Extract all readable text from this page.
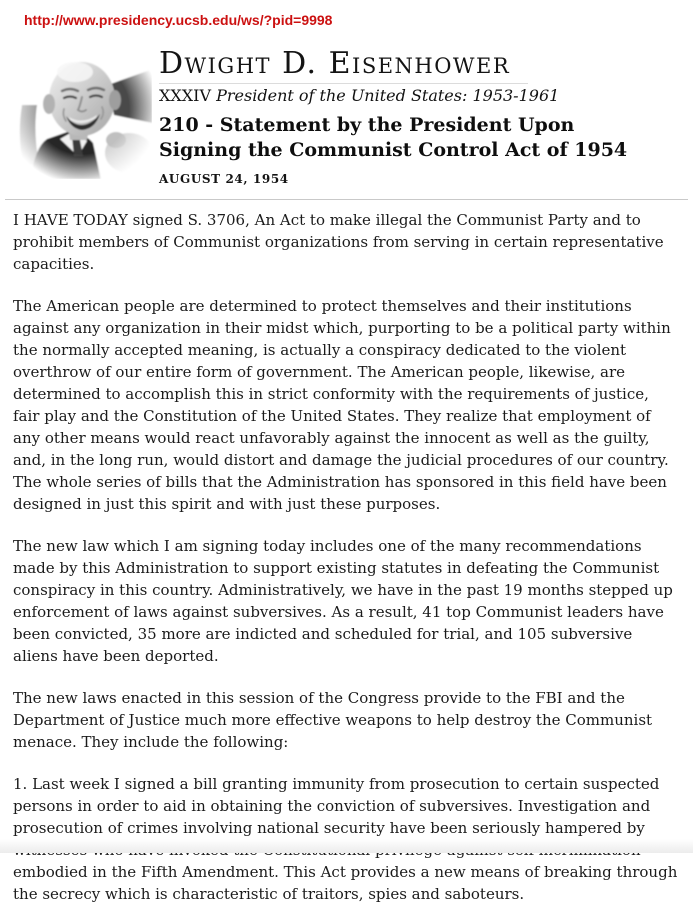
http://www.presidency.ucsb.edu/ws/?pid=9998
Dwight D. Eisenhower
XXXIV President of the United States: 1953-1961
210 - Statement by the President Upon Signing the Communist Control Act of 1954
AUGUST 24, 1954

I HAVE TODAY signed S. 3706, An Act to make illegal the Communist Party and to prohibit members of Communist organizations from serving in certain representative capacities.

The American people are determined to protect themselves and their institutions against any organization in their midst which, purporting to be a political party within the normally accepted meaning, is actually a conspiracy dedicated to the violent overthrow of our entire form of government. The American people, likewise, are determined to accomplish this in strict conformity with the requirements of justice, fair play and the Constitution of the United States. They realize that employment of any other means would react unfavorably against the innocent as well as the guilty, and, in the long run, would distort and damage the judicial procedures of our country. The whole series of bills that the Administration has sponsored in this field have been designed in just this spirit and with just these purposes.

The new law which I am signing today includes one of the many recommendations made by this Administration to support existing statutes in defeating the Communist conspiracy in this country. Administratively, we have in the past 19 months stepped up enforcement of laws against subversives. As a result, 41 top Communist leaders have been convicted, 35 more are indicted and scheduled for trial, and 105 subversive aliens have been deported.

The new laws enacted in this session of the Congress provide to the FBI and the Department of Justice much more effective weapons to help destroy the Communist menace. They include the following:

1. Last week I signed a bill granting immunity from prosecution to certain suspected persons in order to aid in obtaining the conviction of subversives. Investigation and prosecution of crimes involving national security have been seriously hampered by witnesses who have invoked the Constitutional privilege against self-incrimination embodied in the Fifth Amendment. This Act provides a new means of breaking through the secrecy which is characteristic of traitors, spies and saboteurs.
